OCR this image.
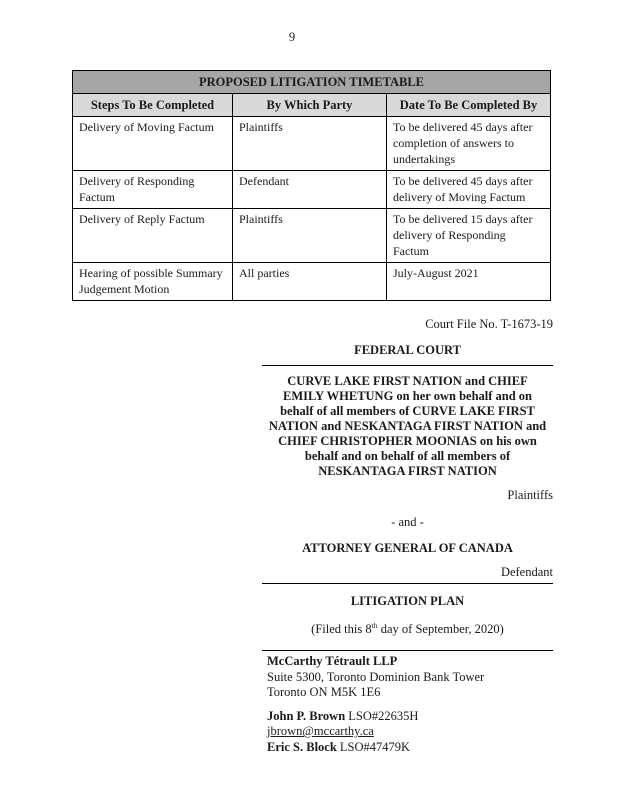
9
PROPOSED LITIGATION TIMETABLE		
Steps To Be Completed	By Which Party	Date To Be Completed By
Delivery of Moving Factum	Plaintiffs	To be delivered 45 days after completion of answers to undertakings
Delivery of Responding Factum	Defendant	To be delivered 45 days after delivery of Moving Factum
Delivery of Reply Factum	Plaintiffs	To be delivered 15 days after delivery of Responding Factum
Hearing of possible Summary Judgement Motion	All parties	July-August 2021
Court File No. T-1673-19
FEDERAL COURT
CURVE LAKE FIRST NATION and CHIEF
EMILY WHETUNG on her own behalf and on
behalf of all members of CURVE LAKE FIRST
NATION and NESKANTAGA FIRST NATION and
CHIEF CHRISTOPHER MOONIAS on his own
behalf and on behalf of all members of
NESKANTAGA FIRST NATION
Plaintiffs
- and -
ATTORNEY GENERAL OF CANADA
Defendant
LITIGATION PLAN
(Filed this 8th day of September, 2020)
McCarthy Tétrault LLP
Suite 5300, Toronto Dominion Bank Tower
Toronto ON M5K 1E6
John P. Brown LSO#22635H
jbrown@mccarthy.ca
Eric S. Block LSO#47479K
